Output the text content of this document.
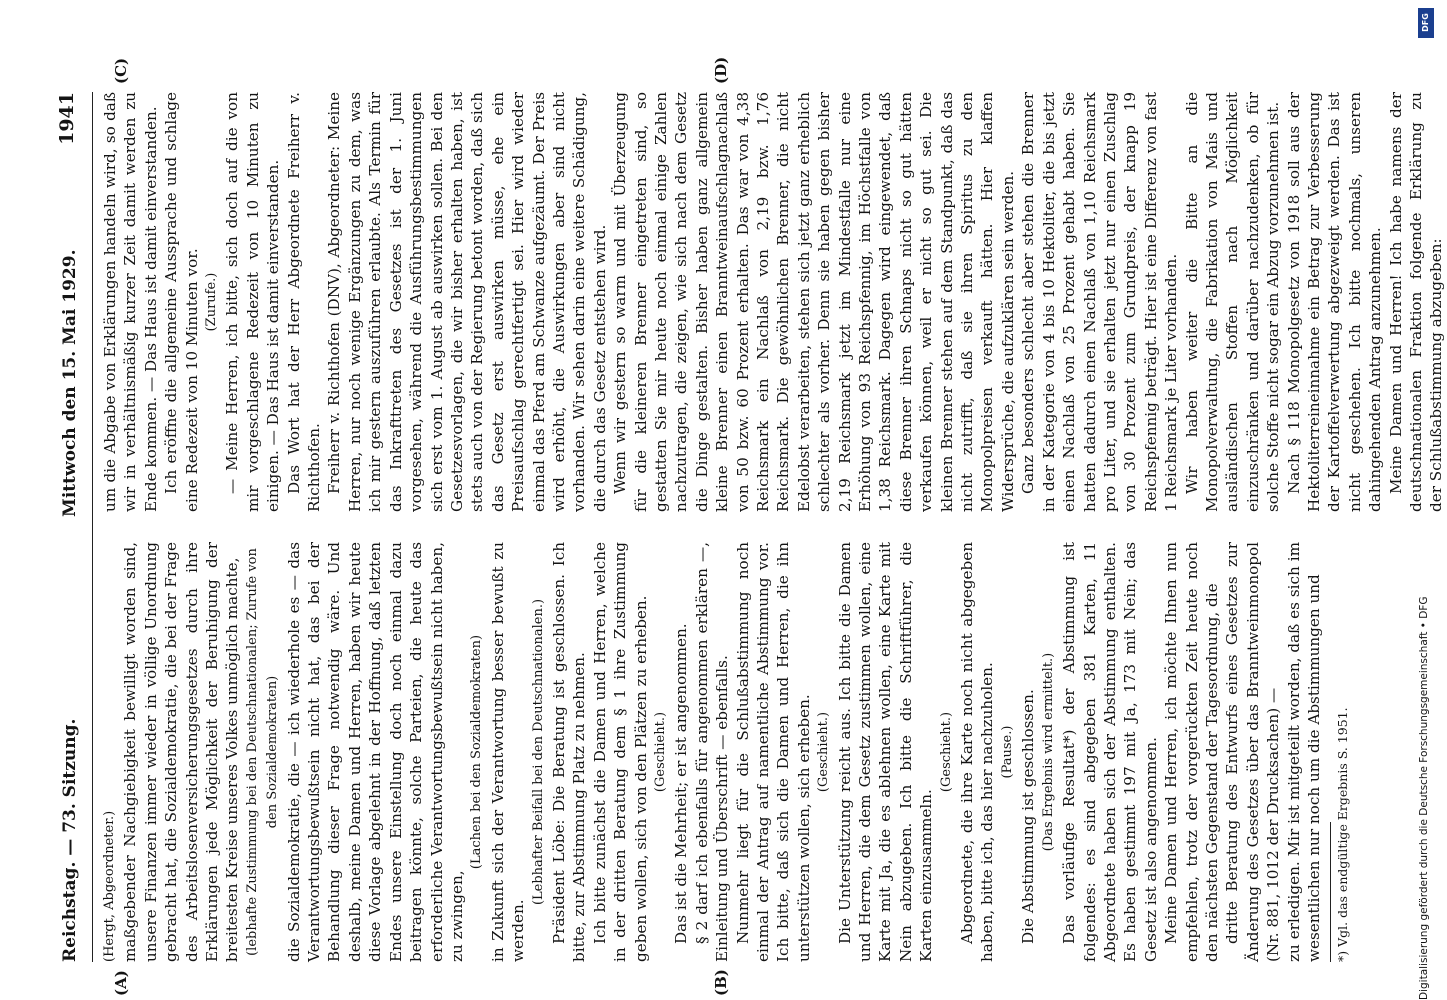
Reichstag. — 73. Sitzung.
Mittwoch den 15. Mai 1929.
1941
(A)	(B)
(C)	(D)

(Hergt, Abgeordneter.) maßgebender Nachgiebigkeit bewilligt worden sind, unsere Finanzen immer wieder in völlige Unordnung gebracht hat, die Sozialdemokratie, die bei der Frage des Arbeitslosenversicherungsgesetzes durch ihre Erklärungen jede Möglichkeit der Beruhigung der breitesten Kreise unseres Volkes unmöglich machte, (lebhafte Zustimmung bei den Deutschnationalen; Zurufe von den Sozialdemokraten) die Sozialdemokratie, die — ich wiederhole es — das Verantwortungsbewußtsein nicht hat, das bei der Behandlung dieser Frage notwendig wäre. Und deshalb, meine Damen und Herren, haben wir heute diese Vorlage abgelehnt in der Hoffnung, daß letzten Endes unsere Einstellung doch noch einmal dazu beitragen könnte, solche Parteien, die heute das erforderliche Verantwortungsbewußtsein nicht haben, zu zwingen,

(Lachen bei den Sozialdemokraten) in Zukunft sich der Verantwortung besser bewußt zu werden.

(Lebhafter Beifall bei den Deutschnationalen.) Präsident Löbe: Die Beratung ist geschlossen. Ich bitte, zur Abstimmung Platz zu nehmen. Ich bitte zunächst die Damen und Herren, welche in der dritten Beratung dem § 1 ihre Zustimmung geben wollen, sich von den Plätzen zu erheben. (Geschieht.) Das ist die Mehrheit; er ist angenommen. § 2 darf ich ebenfalls für angenommen erklären —, Einleitung und Überschrift — ebenfalls. Nunmehr liegt für die Schlußabstimmung noch einmal der Antrag auf namentliche Abstimmung vor. Ich bitte, daß sich die Damen und Herren, die ihn unterstützen wollen, sich erheben. (Geschieht.) Die Unterstützung reicht aus. Ich bitte die Damen und Herren, die dem Gesetz zustimmen wollen, eine Karte mit Ja, die es ablehnen wollen, eine Karte mit Nein abzugeben. Ich bitte die Schriftführer, die Karten einzusammeln.

(Geschieht.) Abgeordnete, die ihre Karte noch nicht abgegeben haben, bitte ich, das hier nachzuholen. (Pause.) Die Abstimmung ist geschlossen. (Das Ergebnis wird ermittelt.) Das vorläufige Resultat*) der Abstimmung ist folgendes: es sind abgegeben 381 Karten, 11 Abgeordnete haben sich der Abstimmung enthalten. Es haben gestimmt 197 mit Ja, 173 mit Nein; das Gesetz ist also angenommen. Meine Damen und Herren, ich möchte Ihnen nun empfehlen, trotz der vorgerückten Zeit heute noch den nächsten Gegenstand der Tagesordnung, die dritte Beratung des Entwurfs eines Gesetzes zur Änderung des Gesetzes über das Branntweinmonopol (Nr. 881, 1012 der Drucksachen) — zu erledigen. Mir ist mitgeteilt worden, daß es sich im wesentlichen nur noch um die Abstimmungen und *) Vgl. das endgültige Ergebnis S. 1951.

um die Abgabe von Erklärungen handeln wird, so daß wir in verhältnismäßig kurzer Zeit damit werden zu Ende kommen. — Das Haus ist damit einverstanden. Ich eröffne die allgemeine Aussprache und schlage eine Redezeit von 10 Minuten vor. (Zurufe.) — Meine Herren, ich bitte, sich doch auf die von mir vorgeschlagene Redezeit von 10 Minuten zu einigen. — Das Haus ist damit einverstanden. Das Wort hat der Herr Abgeordnete Freiherr v. Richthofen. Freiherr v. Richthofen (DNV), Abgeordneter: Meine Herren, nur noch wenige Ergänzungen zu dem, was ich mir gestern auszuführen erlaubte. Als Termin für das Inkrafttreten des Gesetzes ist der 1. Juni vorgesehen, während die Ausführungsbestimmungen sich erst vom 1. August ab auswirken sollen. Bei den Gesetzesvorlagen, die wir bisher erhalten haben, ist stets auch von der Regierung betont worden, daß sich das Gesetz erst auswirken müsse, ehe ein Preisaufschlag gerechtfertigt sei. Hier wird wieder einmal das Pferd am Schwanze aufgezäumt. Der Preis wird erhöht, die Auswirkungen aber sind nicht vorhanden. Wir sehen darin eine weitere Schädigung, die durch das Gesetz entstehen wird. Wenn wir gestern so warm und mit Überzeugung für die kleineren Brenner eingetreten sind, so gestatten Sie mir heute noch einmal einige Zahlen nachzutragen, die zeigen, wie sich nach dem Gesetz die Dinge gestalten. Bisher haben ganz allgemein kleine Brenner einen Branntweinaufschlagnachlaß von 50 bzw. 60 Prozent erhalten. Das war von 4,38 Reichsmark ein Nachlaß von 2,19 bzw. 1,76 Reichsmark. Die gewöhnlichen Brenner, die nicht Edelobst verarbeiten, stehen sich jetzt ganz erheblich schlechter als vorher. Denn sie haben gegen bisher 2,19 Reichsmark jetzt im Mindestfalle nur eine Erhöhung von 93 Reichspfennig, im Höchstfalle von 1,38 Reichsmark. Dagegen wird eingewendet, daß diese Brenner ihren Schnaps nicht so gut hätten verkaufen können, weil er nicht so gut sei. Die kleinen Brenner stehen auf dem Standpunkt, daß das nicht zutrifft, daß sie ihren Spiritus zu den Monopolpreisen verkauft hätten. Hier klaffen Widersprüche, die aufzuklären sein werden. Ganz besonders schlecht aber stehen die Brenner in der Kategorie von 4 bis 10 Hektoliter, die bis jetzt einen Nachlaß von 25 Prozent gehabt haben. Sie hatten dadurch einen Nachlaß von 1,10 Reichsmark pro Liter, und sie erhalten jetzt nur einen Zuschlag von 30 Prozent zum Grundpreis, der knapp 19 Reichspfennig beträgt. Hier ist eine Differenz von fast 1 Reichsmark je Liter vorhanden. Wir haben weiter die Bitte an die Monopolverwaltung, die Fabrikation von Mais und ausländischen Stoffen nach Möglichkeit einzuschränken und darüber nachzudenken, ob für solche Stoffe nicht sogar ein Abzug vorzunehmen ist. Nach § 118 Monopolgesetz von 1918 soll aus der Hektoliterreineinnahme ein Betrag zur Verbesserung der Kartoffelverwertung abgezweigt werden. Das ist nicht geschehen. Ich bitte nochmals, unseren dahingehenden Antrag anzunehmen. Meine Damen und Herren! Ich habe namens der deutschnationalen Fraktion folgende Erklärung zu der Schlußabstimmung abzugeben:

Digitalisierung gefördert durch die Deutsche Forschungsgemeinschaft • DFG
DFG
